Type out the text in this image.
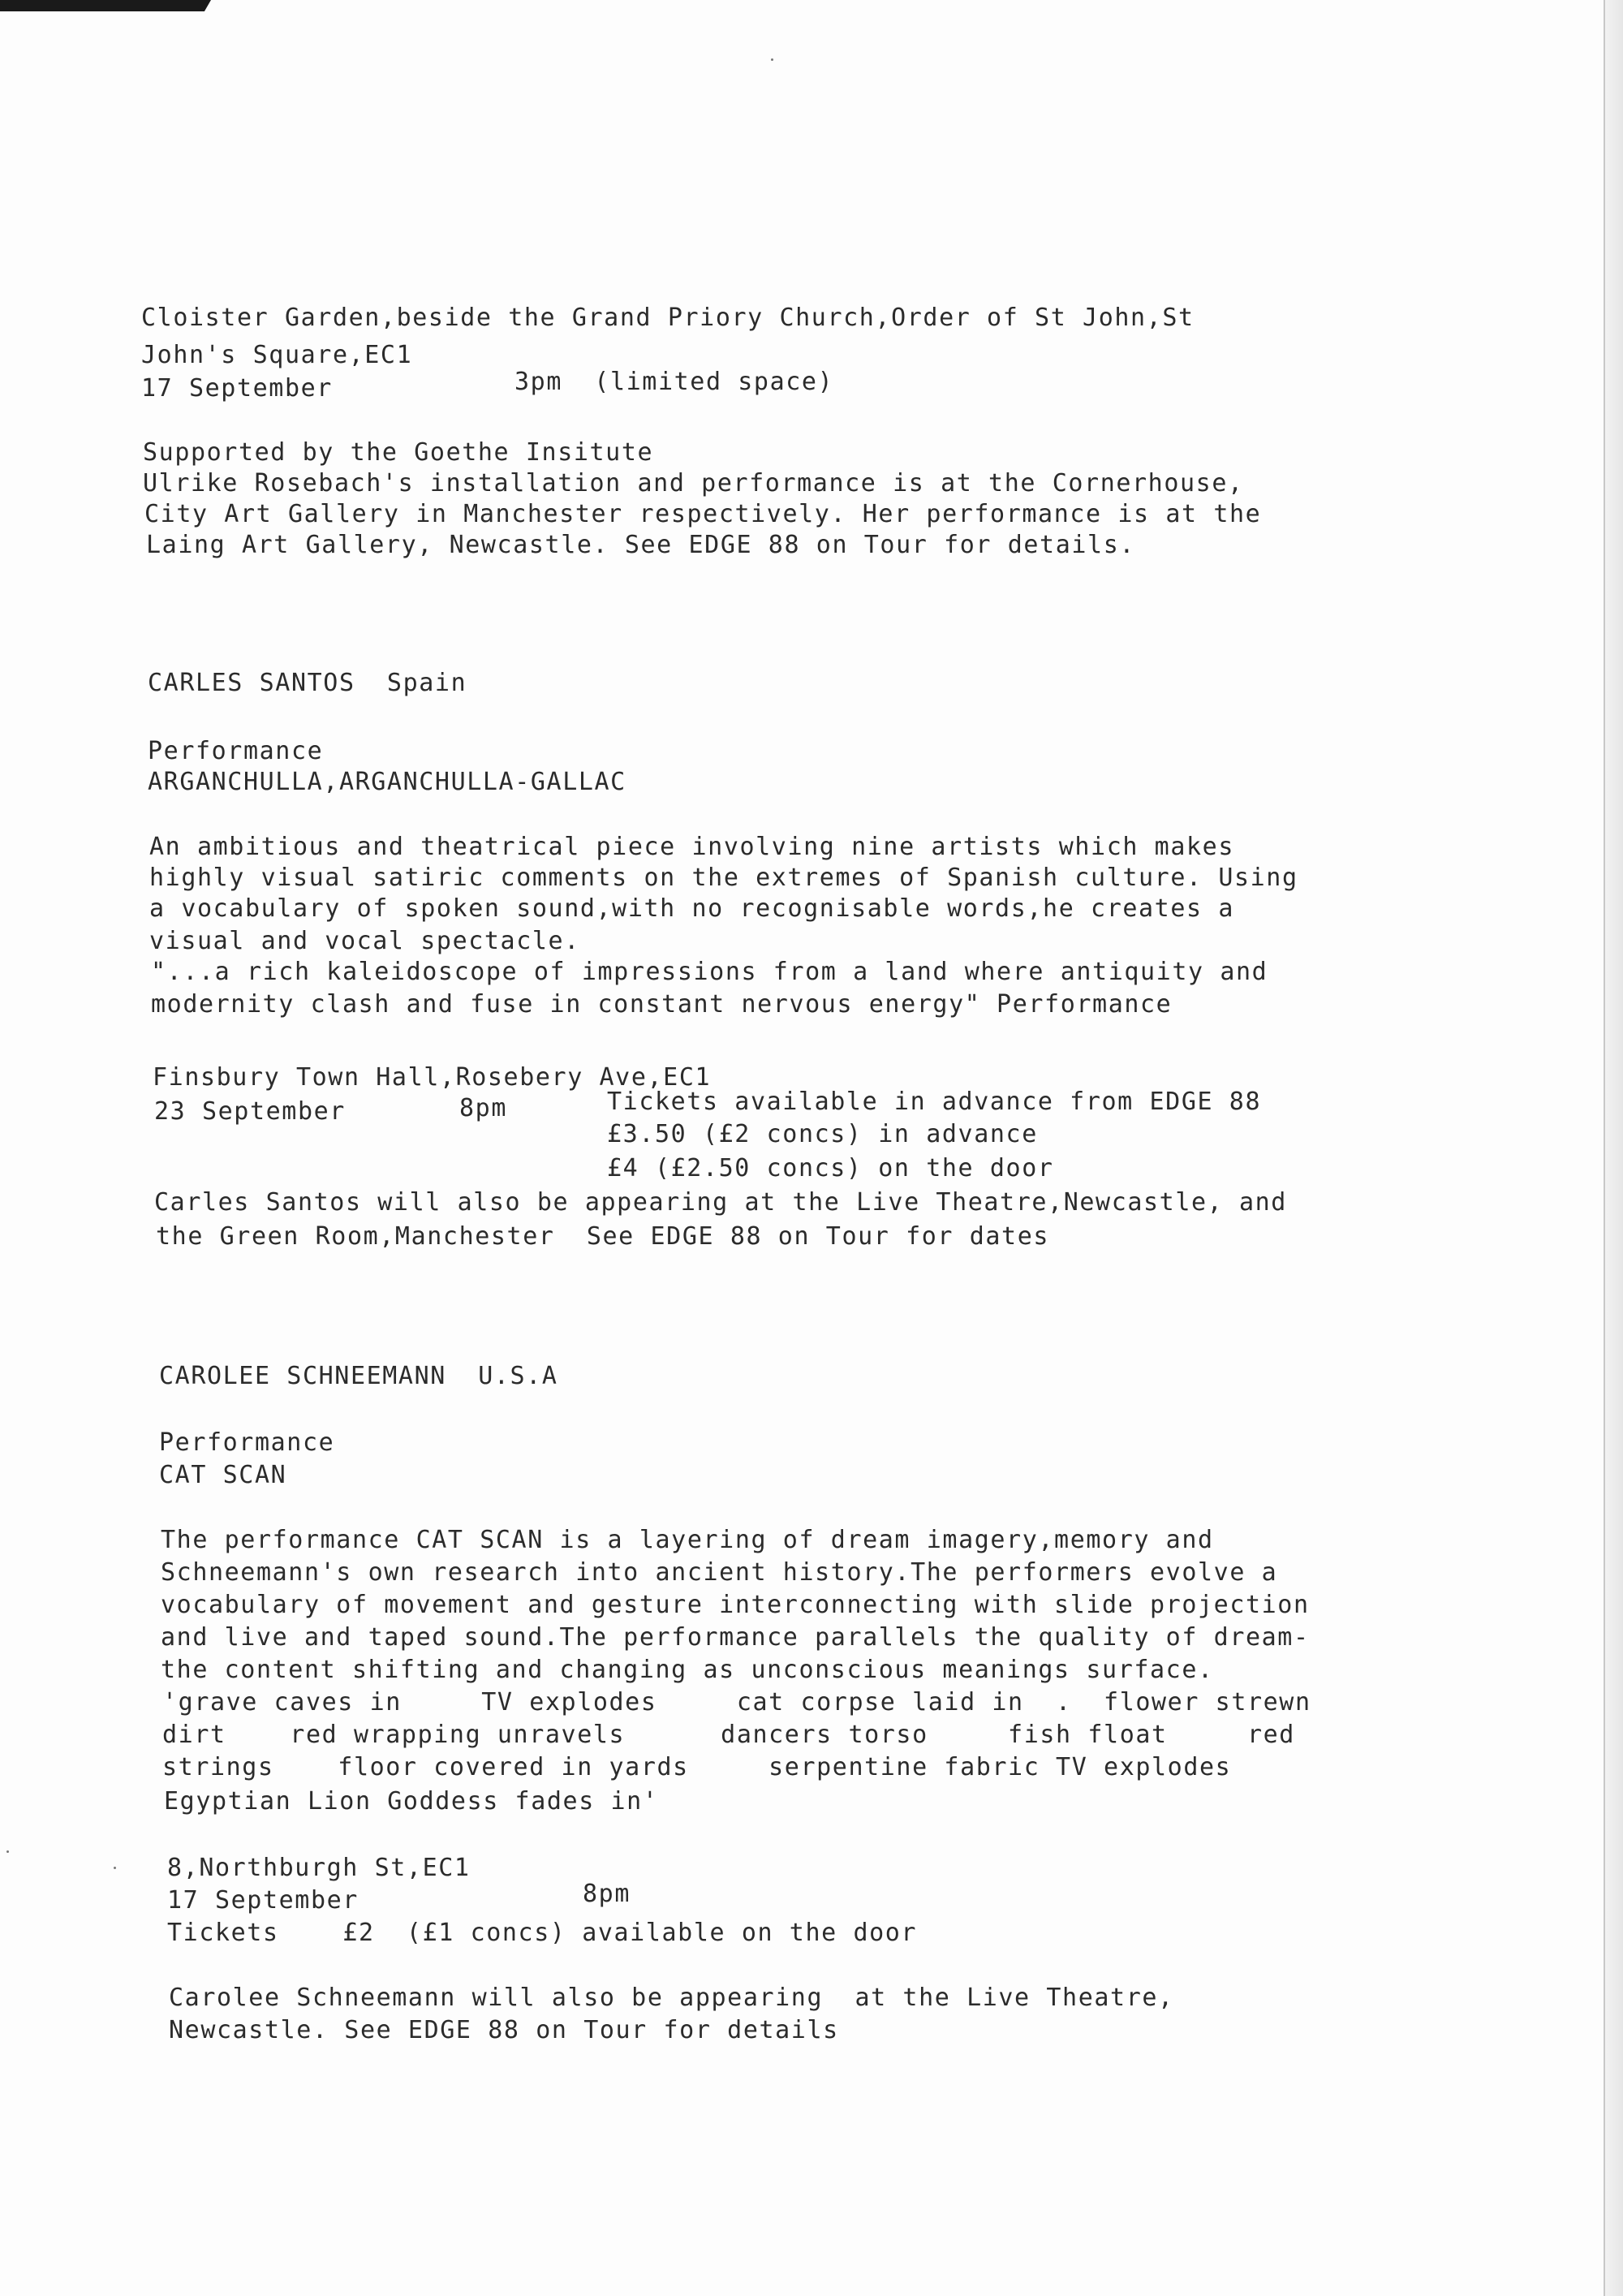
Cloister Garden,beside the Grand Priory Church,Order of St John,St
John's Square,EC1
17 September	3pm  (limited space)
Supported by the Goethe Insitute
Ulrike Rosebach's installation and performance is at the Cornerhouse,
City Art Gallery in Manchester respectively. Her performance is at the
Laing Art Gallery, Newcastle. See EDGE 88 on Tour for details.
CARLES SANTOS  Spain
Performance
ARGANCHULLA,ARGANCHULLA-GALLAC
An ambitious and theatrical piece involving nine artists which makes
highly visual satiric comments on the extremes of Spanish culture. Using
a vocabulary of spoken sound,with no recognisable words,he creates a
visual and vocal spectacle.
"...a rich kaleidoscope of impressions from a land where antiquity and
modernity clash and fuse in constant nervous energy" Performance
Finsbury Town Hall,Rosebery Ave,EC1
23 September	8pm	Tickets available in advance from EDGE 88
£3.50 (£2 concs) in advance
£4 (£2.50 concs) on the door
Carles Santos will also be appearing at the Live Theatre,Newcastle, and
the Green Room,Manchester  See EDGE 88 on Tour for dates
CAROLEE SCHNEEMANN  U.S.A
Performance
CAT SCAN
The performance CAT SCAN is a layering of dream imagery,memory and
Schneemann's own research into ancient history.The performers evolve a
vocabulary of movement and gesture interconnecting with slide projection
and live and taped sound.The performance parallels the quality of dream-
the content shifting and changing as unconscious meanings surface.
'grave caves in     TV explodes     cat corpse laid in  .  flower strewn
dirt    red wrapping unravels      dancers torso     fish float     red
strings    floor covered in yards     serpentine fabric TV explodes
Egyptian Lion Goddess fades in'
8,Northburgh St,EC1
17 September	8pm
Tickets    £2  (£1 concs) available on the door
Carolee Schneemann will also be appearing  at the Live Theatre,
Newcastle. See EDGE 88 on Tour for details
